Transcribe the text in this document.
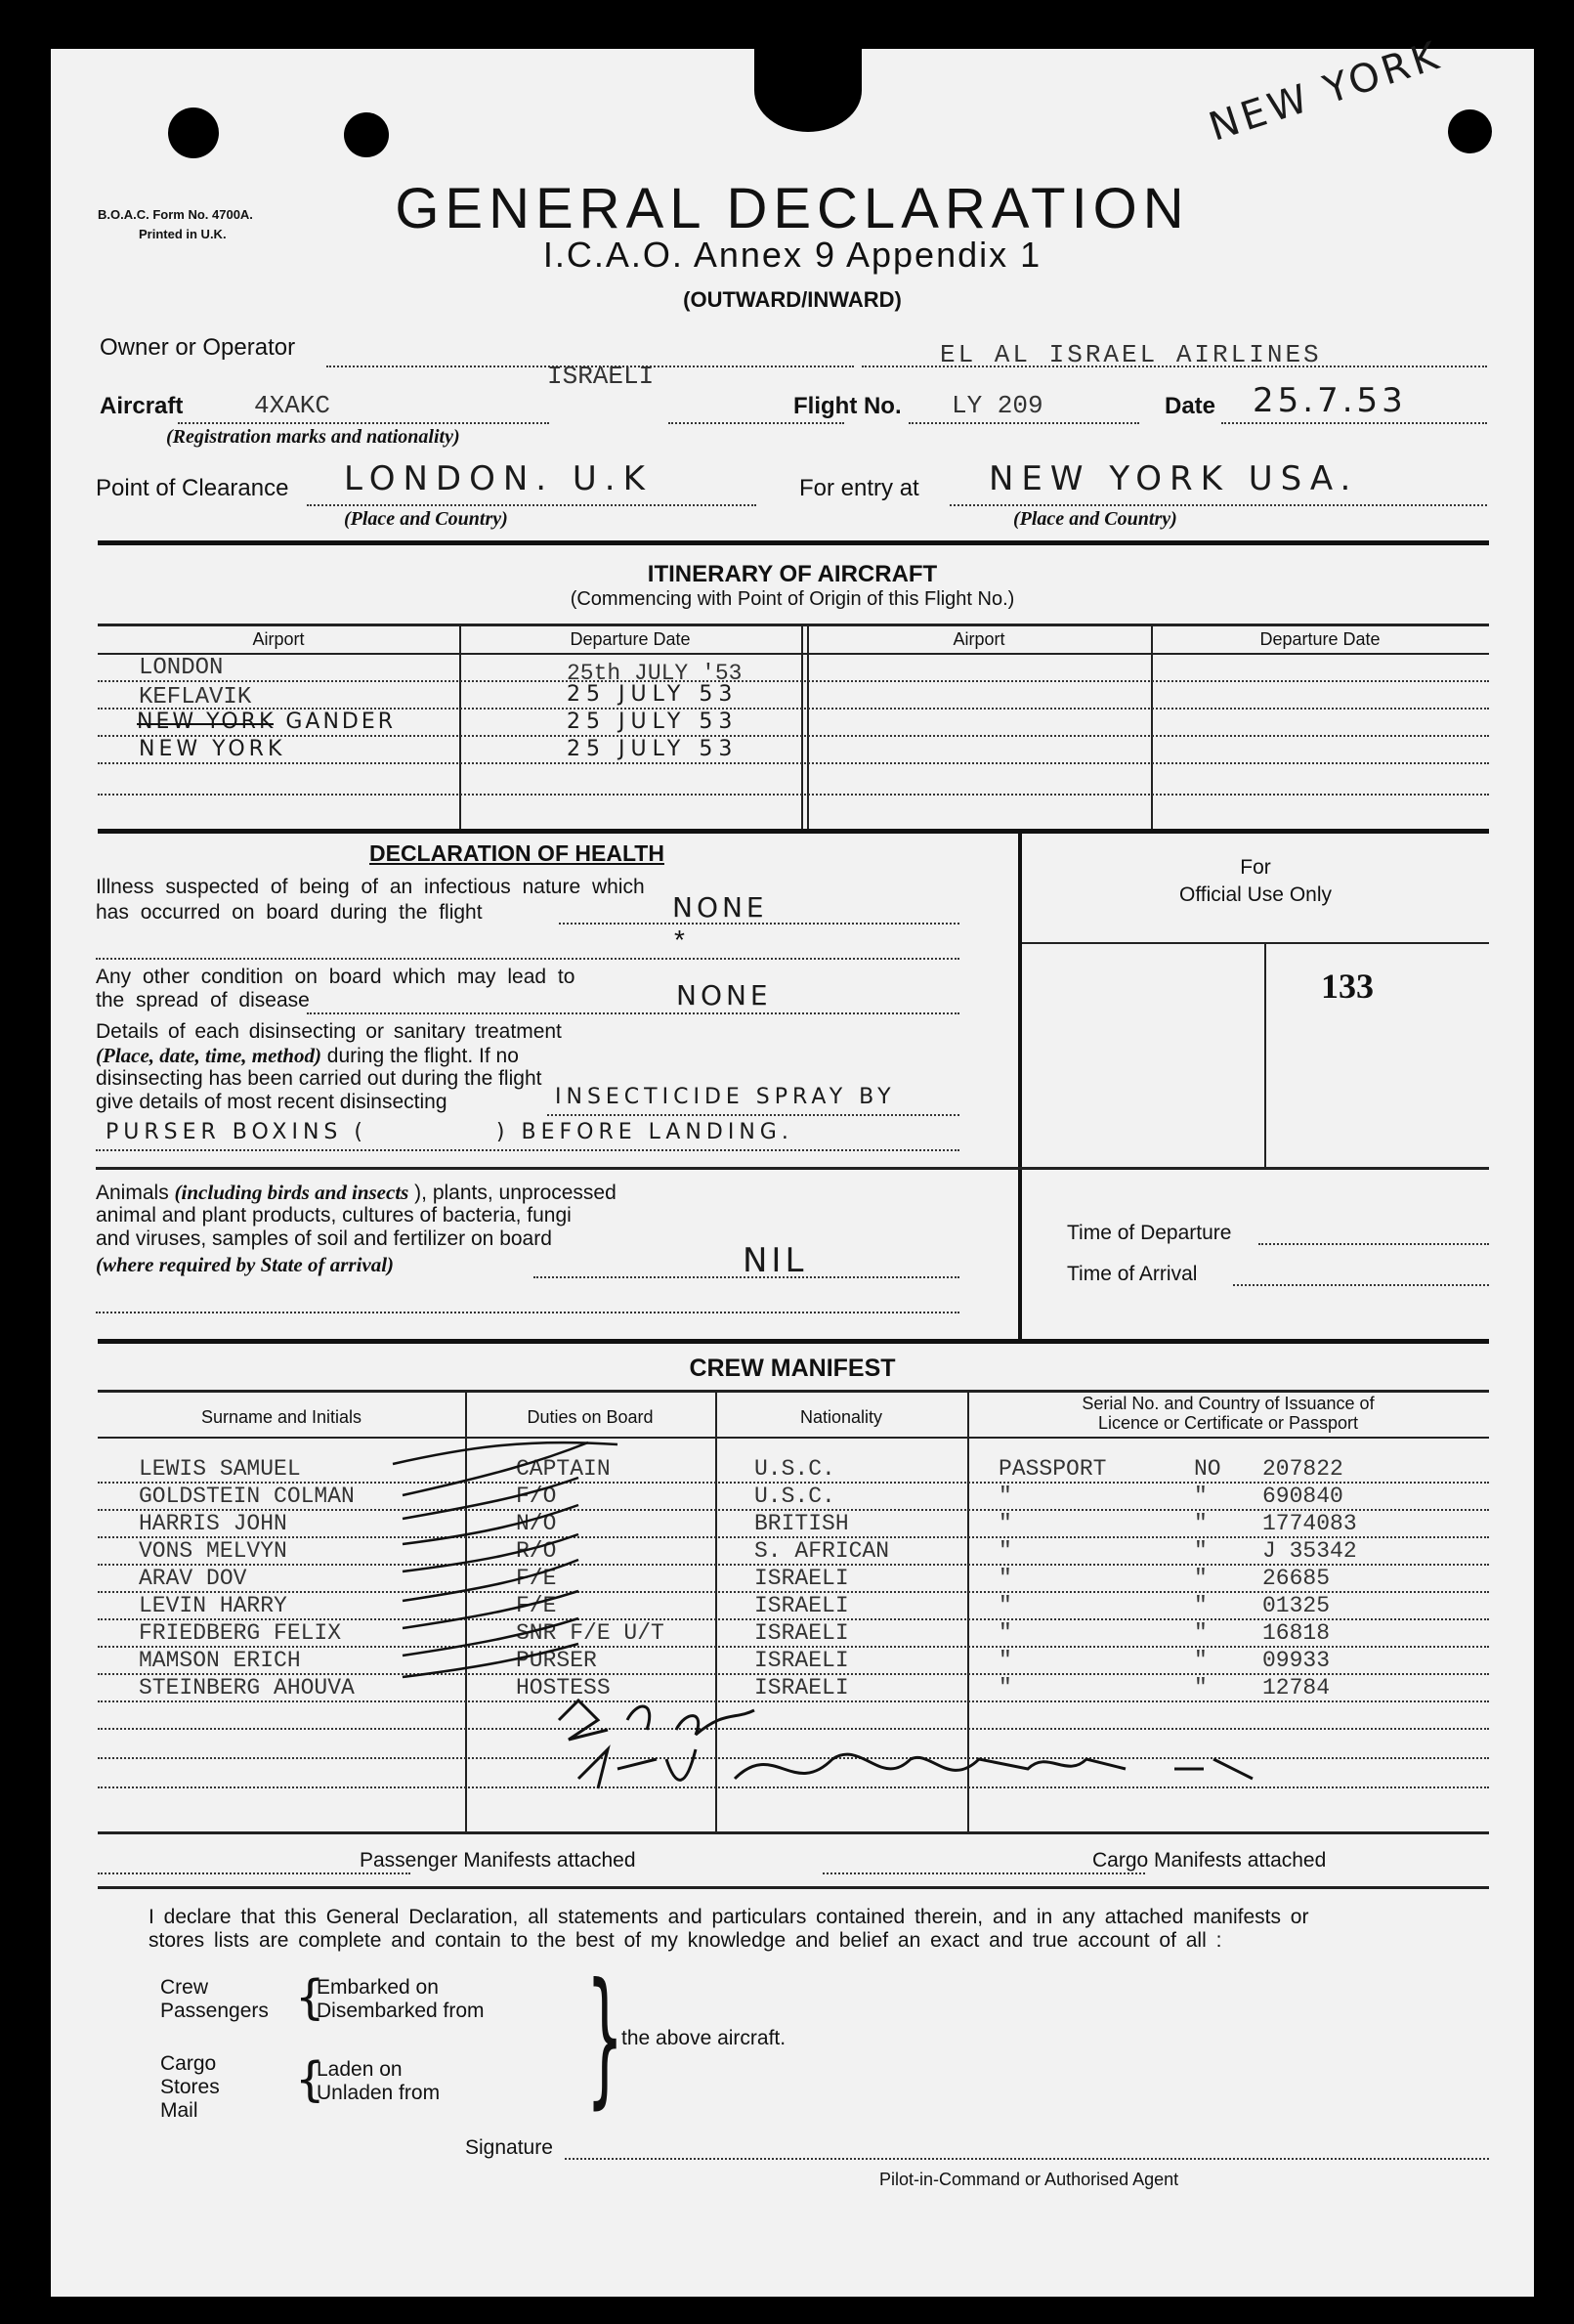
NEW YORK
B.O.A.C. Form No. 4700A.
Printed in U.K.	GENERAL DECLARATION
I.C.A.O. Annex 9 Appendix 1
(OUTWARD/INWARD)
Owner or Operator
ISRAELI
EL AL ISRAEL AIRLINES
Aircraft	4XAKC	Flight No. LY 209	Date 25.7.53
(Registration marks and nationality)
Point of Clearance LONDON. U.K
(Place and Country)
For entry at NEW YORK USA.
(Place and Country)
ITINERARY OF AIRCRAFT
(Commencing with Point of Origin of this Flight No.)
Airport	Departure Date	Airport	Departure Date
LONDON	25th JULY '53
KEFLAVIK	25 JULY 53
NEW YORK GANDER	25 JULY 53
NEW YORK	25 JULY 53
DECLARATION OF HEALTH
Illness suspected of being of an infectious nature which
has occurred on board during the flight	NONE
*
Any other condition on board which may lead to
the spread of disease	NONE
Details of each disinsecting or sanitary treatment
(Place, date, time, method) during the flight. If no
disinsecting has been carried out during the flight
give details of most recent disinsecting	INSECTICIDE SPRAY BY
PURSER BOXINS (           ) BEFORE LANDING.
Animals (including birds and insects ), plants, unprocessed
animal and plant products, cultures of bacteria, fungi
and viruses, samples of soil and fertilizer on board
(where required by State of arrival)	NIL
For
Official Use Only
133
Time of Departure
Time of Arrival
CREW MANIFEST
Surname and Initials	Duties on Board	Nationality
Serial No. and Country of Issuance of
Licence or Certificate or Passport
LEWIS SAMUEL	CAPTAIN	U.S.C.	PASSPORT	NO 207822
GOLDSTEIN COLMAN	F/O	U.S.C.	"	" 690840
HARRIS JOHN	N/O	BRITISH	"	" 1774083
VONS MELVYN	R/O	S. AFRICAN	"	" J 35342
ARAV DOV	F/E	ISRAELI	"	" 26685
LEVIN HARRY	F/E	ISRAELI	"	" 01325
FRIEDBERG FELIX	SNR F/E U/T	ISRAELI	"	" 16818
MAMSON ERICH	PURSER	ISRAELI	"	" 09933
STEINBERG AHOUVA	HOSTESS	ISRAELI	"	" 12784
Passenger Manifests attached	Cargo Manifests attached
I declare that this General Declaration, all statements and particulars contained therein, and in any attached manifests or
stores lists are complete and contain to the best of my knowledge and belief an exact and true account of all :
Crew
Passengers {
Embarked on
Disembarked from
Cargo
Stores
Mail
{
Laden on
Unladen from }
the above aircraft.
Signature
Pilot-in-Command or Authorised Agent
